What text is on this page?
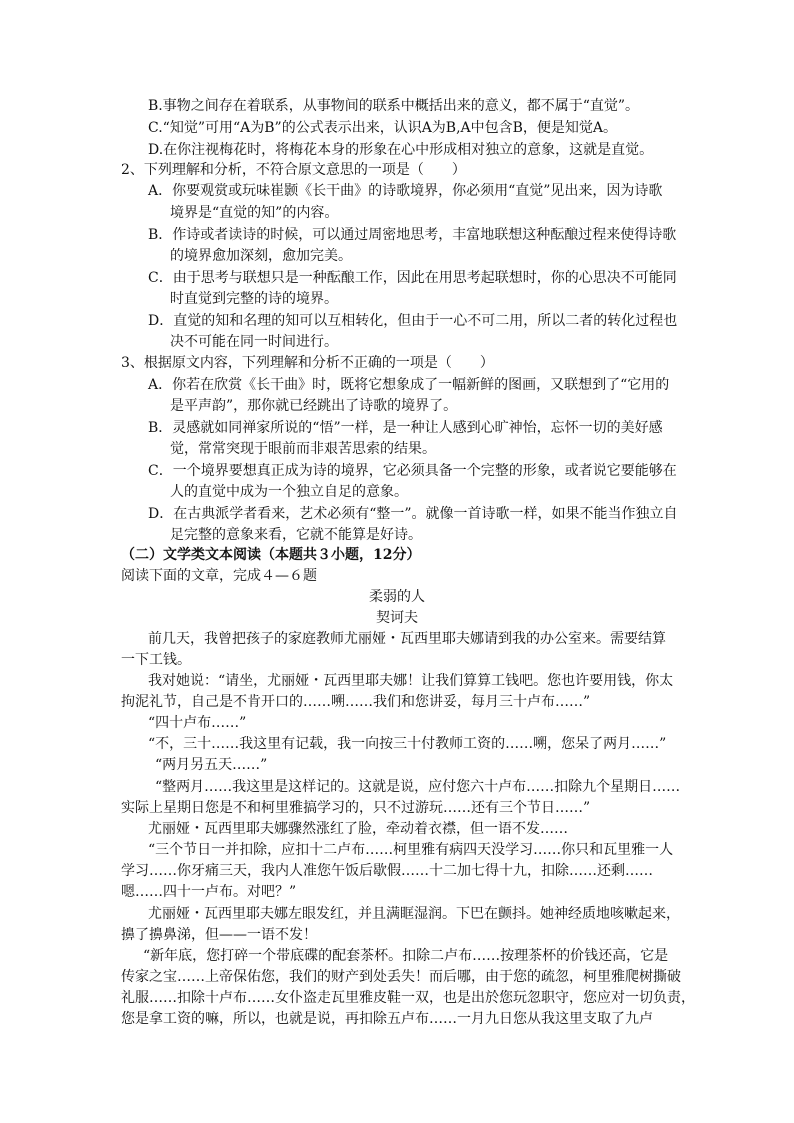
B.事物之间存在着联系，从事物间的联系中概括出来的意义，都不属于“直觉”。
C.“知觉”可用“A为B”的公式表示出来，认识A为B,A中包含B，便是知觉A。
D.在你注视梅花时，将梅花本身的形象在心中形成相对独立的意象，这就是直觉。
2、下列理解和分析，不符合原文意思的一项是（　　）
A．你要观赏或玩味崔颢《长干曲》的诗歌境界，你必须用“直觉”见出来，因为诗歌
境界是“直觉的知”的内容。
B．作诗或者读诗的时候，可以通过周密地思考，丰富地联想这种酝酿过程来使得诗歌
的境界愈加深刻，愈加完美。
C．由于思考与联想只是一种酝酿工作，因此在用思考起联想时，你的心思决不可能同
时直觉到完整的诗的境界。
D．直觉的知和名理的知可以互相转化，但由于一心不可二用，所以二者的转化过程也
决不可能在同一时间进行。
3、根据原文内容，下列理解和分析不正确的一项是（　　）
A．你若在欣赏《长干曲》时，既将它想象成了一幅新鲜的图画，又联想到了“它用的
是平声韵”，那你就已经跳出了诗歌的境界了。
B．灵感就如同禅家所说的“悟”一样，是一种让人感到心旷神怡，忘怀一切的美好感
觉，常常突现于眼前而非艰苦思索的结果。
C．一个境界要想真正成为诗的境界，它必须具备一个完整的形象，或者说它要能够在
人的直觉中成为一个独立自足的意象。
D．在古典派学者看来，艺术必须有“整一”。就像一首诗歌一样，如果不能当作独立自
足完整的意象来看，它就不能算是好诗。
（二）文学类文本阅读（本题共３小题，12分）
阅读下面的文章，完成４—６题
柔弱的人
契诃夫
前几天，我曾把孩子的家庭教师尤丽娅・瓦西里耶夫娜请到我的办公室来。需要结算
一下工钱。
我对她说：“请坐，尤丽娅・瓦西里耶夫娜！让我们算算工钱吧。您也许要用钱，你太
拘泥礼节，自己是不肯开口的……嗍……我们和您讲妥，每月三十卢布……”
“四十卢布……”
“不，三十……我这里有记载，我一向按三十付教师工资的……嗍，您呆了两月……”
“两月另五天……”
“整两月……我这里是这样记的。这就是说，应付您六十卢布……扣除九个星期日……
实际上星期日您是不和柯里雅搞学习的，只不过游玩……还有三个节日……”
尤丽娅・瓦西里耶夫娜骤然涨红了脸，牵动着衣襟，但一语不发……
“三个节日一并扣除，应扣十二卢布……柯里雅有病四天没学习……你只和瓦里雅一人
学习……你牙痛三天，我内人准您午饭后歇假……十二加七得十九，扣除……还剩……
嗯……四十一卢布。对吧？”
尤丽娅・瓦西里耶夫娜左眼发红，并且满眶湿润。下巴在颤抖。她神经质地咳嗽起来，
擤了擤鼻涕，但——一语不发！
“新年底，您打碎一个带底碟的配套茶杯。扣除二卢布……按理茶杯的价钱还高，它是
传家之宝……上帝保佑您，我们的财产到处丢失！而后哪，由于您的疏忽，柯里雅爬树撕破
礼服……扣除十卢布……女仆盗走瓦里雅皮鞋一双，也是出於您玩忽职守，您应对一切负责，
您是拿工资的嘛，所以，也就是说，再扣除五卢布……一月九日您从我这里支取了九卢
